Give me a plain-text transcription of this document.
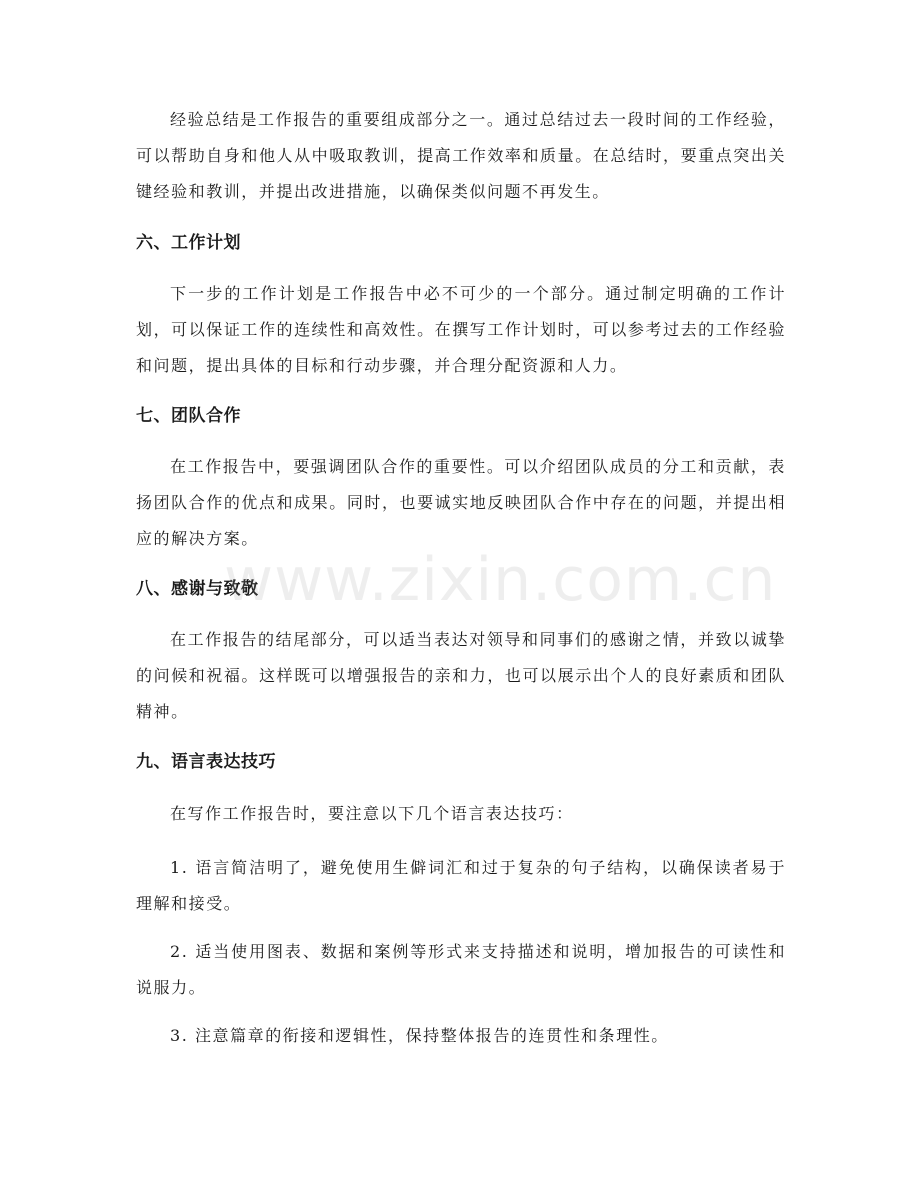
经验总结是工作报告的重要组成部分之一。通过总结过去一段时间的工作经验，可以帮助自身和他人从中吸取教训，提高工作效率和质量。在总结时，要重点突出关键经验和教训，并提出改进措施，以确保类似问题不再发生。

六、工作计划

下一步的工作计划是工作报告中必不可少的一个部分。通过制定明确的工作计划，可以保证工作的连续性和高效性。在撰写工作计划时，可以参考过去的工作经验和问题，提出具体的目标和行动步骤，并合理分配资源和人力。

七、团队合作

在工作报告中，要强调团队合作的重要性。可以介绍团队成员的分工和贡献，表扬团队合作的优点和成果。同时，也要诚实地反映团队合作中存在的问题，并提出相应的解决方案。

八、感谢与致敬

在工作报告的结尾部分，可以适当表达对领导和同事们的感谢之情，并致以诚挚的问候和祝福。这样既可以增强报告的亲和力，也可以展示出个人的良好素质和团队精神。

九、语言表达技巧

在写作工作报告时，要注意以下几个语言表达技巧：

1. 语言简洁明了，避免使用生僻词汇和过于复杂的句子结构，以确保读者易于理解和接受。

2. 适当使用图表、数据和案例等形式来支持描述和说明，增加报告的可读性和说服力。

3. 注意篇章的衔接和逻辑性，保持整体报告的连贯性和条理性。

www.zixin.com.cn
